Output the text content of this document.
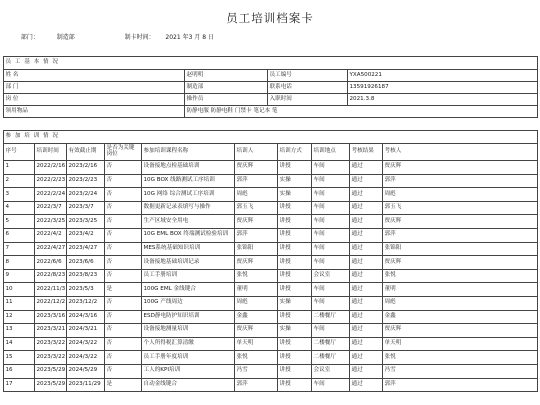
员工培训档案卡
部门：	制造部	制卡时间： 2021 年3 月 8 日
员 工 基 本 情 况			
姓 名	赵明明	员工编号	YXA500221
部 门	制造部	联系电话	13591926187
岗 位	操作员	入职时间	2021.3.8
领用物品	防静电服 防静电鞋 门禁卡 笔记本 笔		
参 加 培 训 情 况									
序号	培训时间	有效截止期	是否为关键岗位	参加培训课程名称	培训人	培训方式	培训地点	考核结果	考核人
1	2022/2/16	2023/2/16	否	设备接地点检基础培训	贾庆辉	讲授	车间	通过	贾庆辉
2	2022/2/23	2023/2/23	否	10G BOX 线路测试工序培训	郭萍	实操	车间	通过	郭萍
3	2022/2/24	2023/2/24	否	10G 网络 综合测试工序培训	周彪	实操	车间	通过	周彪
4	2022/3/7	2023/3/7	否	数据更新记录表填写与操作	郭玉飞	讲授	车间	通过	郭玉飞
5	2022/3/25	2023/3/25	否	生产区域安全用电	贾庆辉	讲授	车间	通过	贾庆辉
6	2022/4/2	2023/4/2	否	10G EML BOX 终端测试检验培训	郭萍	讲授	车间	通过	郭萍
7	2022/4/27	2023/4/27	否	MES系统基础知识培训	张锦阳	讲授	车间	通过	张锦阳
8	2022/6/6	2023/6/6	否	设备接地基础培训记录	贾庆辉	讲授	车间	通过	贾庆辉
9	2022/8/23	2023/8/23	否	员工手册培训	张悦	讲授	会议室	通过	张悦
10	2022/11/3	2023/5/3	是	100G EML 金线键合	董明	讲授	车间	通过	董明
11	2022/12/2	2023/12/2	否	100G 产线周边	周彪	实操	车间	通过	周彪
12	2023/3/16	2024/3/16	否	ESD静电防护知识培训	金鑫	讲授	二楼餐厅	通过	金鑫
13	2023/3/21	2024/3/21	否	设备接地测量培训	贾庆辉	实操	车间	通过	贾庆辉
14	2023/3/22	2024/3/22	否	个人所得税汇算清缴	单天明	讲授	二楼餐厅	通过	单天明
15	2023/3/22	2024/3/22	否	员工手册年度培训	张悦	讲授	二楼餐厅	通过	张悦
16	2023/5/29	2024/5/29	否	工人的KPI培训	冯雪	讲授	会议室	通过	冯雪
17	2023/5/29	2023/11/29	是	自动金线键合	郭萍	讲授	车间	通过	郭萍
